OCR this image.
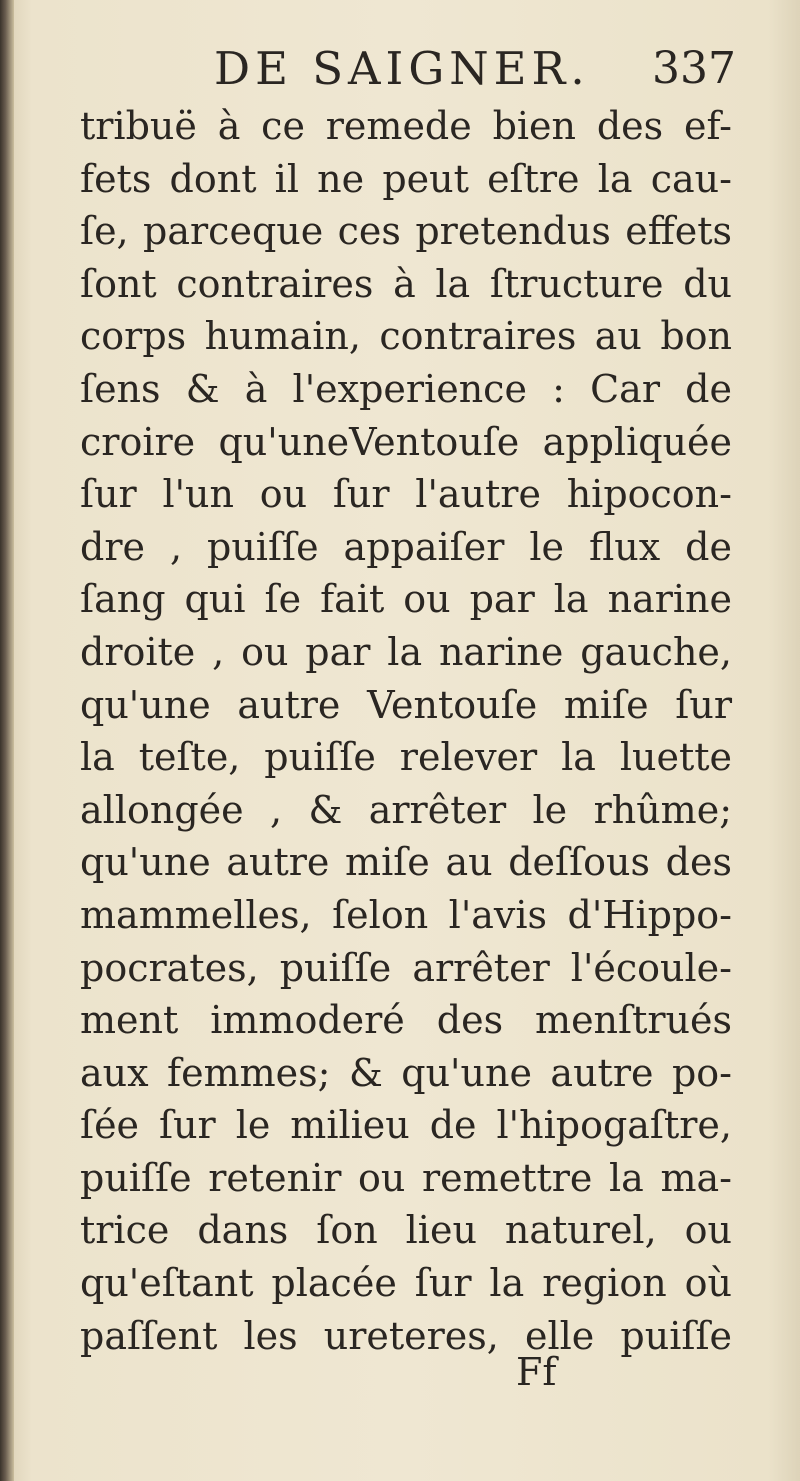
DE SAIGNER. 337
tribuë à ce remede bien des ef-
fets dont il ne peut eſtre la cau-
ſe, parceque ces pretendus effets
ſont contraires à la ſtructure du
corps humain, contraires au bon
ſens & à l'experience : Car de
croire qu'uneVentouſe appliquée
ſur l'un ou ſur l'autre hipocon-
dre , puiſſe appaiſer le flux de
ſang qui ſe fait ou par la narine
droite , ou par la narine gauche,
qu'une autre Ventouſe miſe ſur
la teſte, puiſſe relever la luette
allongée , & arrêter le rhûme;
qu'une autre miſe au deſſous des
mammelles, ſelon l'avis d'Hippo-
pocrates, puiſſe arrêter l'écoule-
ment immoderé des menſtrués
aux femmes; & qu'une autre po-
ſée ſur le milieu de l'hipogaſtre,
puiſſe retenir ou remettre la ma-
trice dans ſon lieu naturel, ou
qu'eſtant placée ſur la region où
paſſent les ureteres, elle puiſſe
Ff
